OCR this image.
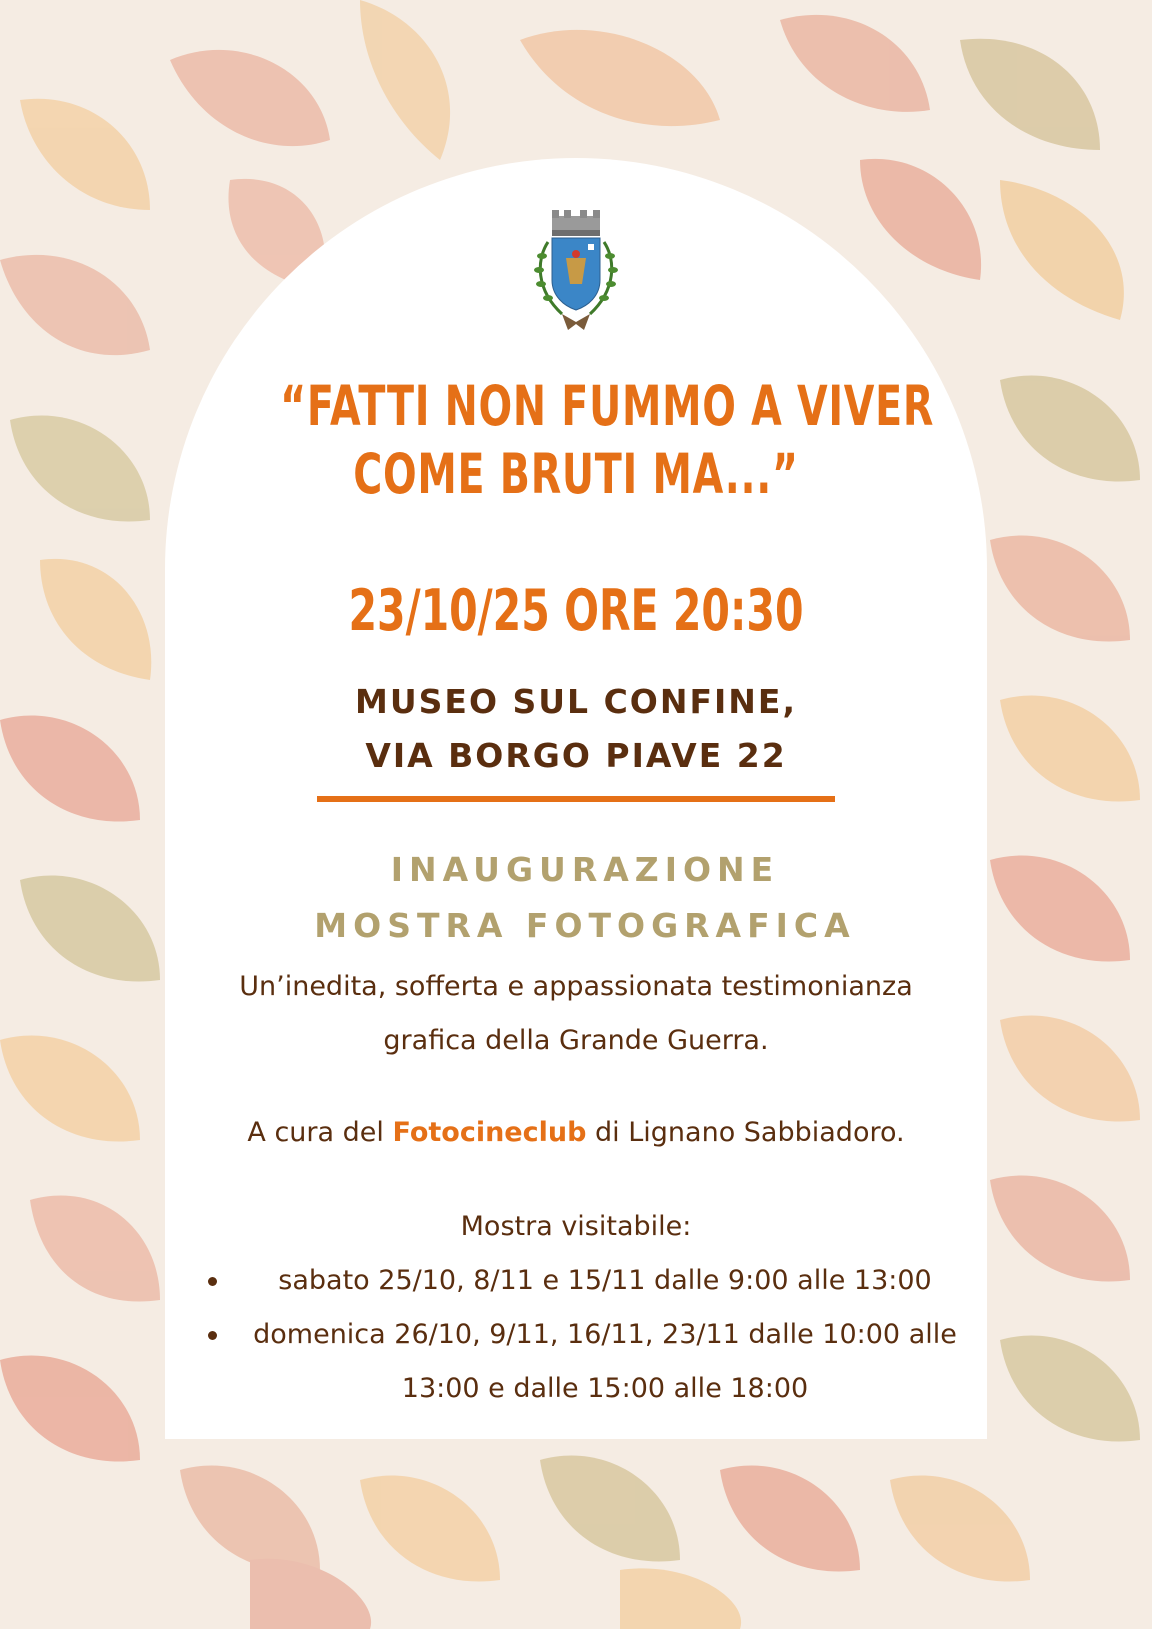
“FATTI NON FUMMO A VIVER
COME BRUTI MA...”
23/10/25 ORE 20:30
MUSEO SUL CONFINE,
VIA BORGO PIAVE 22
INAUGURAZIONE
MOSTRA FOTOGRAFICA
Un’inedita, sofferta e appassionata testimonianza
grafica della Grande Guerra.
A cura del Fotocineclub di Lignano Sabbiadoro.
Mostra visitabile:
sabato 25/10, 8/11 e 15/11 dalle 9:00 alle 13:00
domenica 26/10, 9/11, 16/11, 23/11 dalle 10:00 alle 13:00 e dalle 15:00 alle 18:00
